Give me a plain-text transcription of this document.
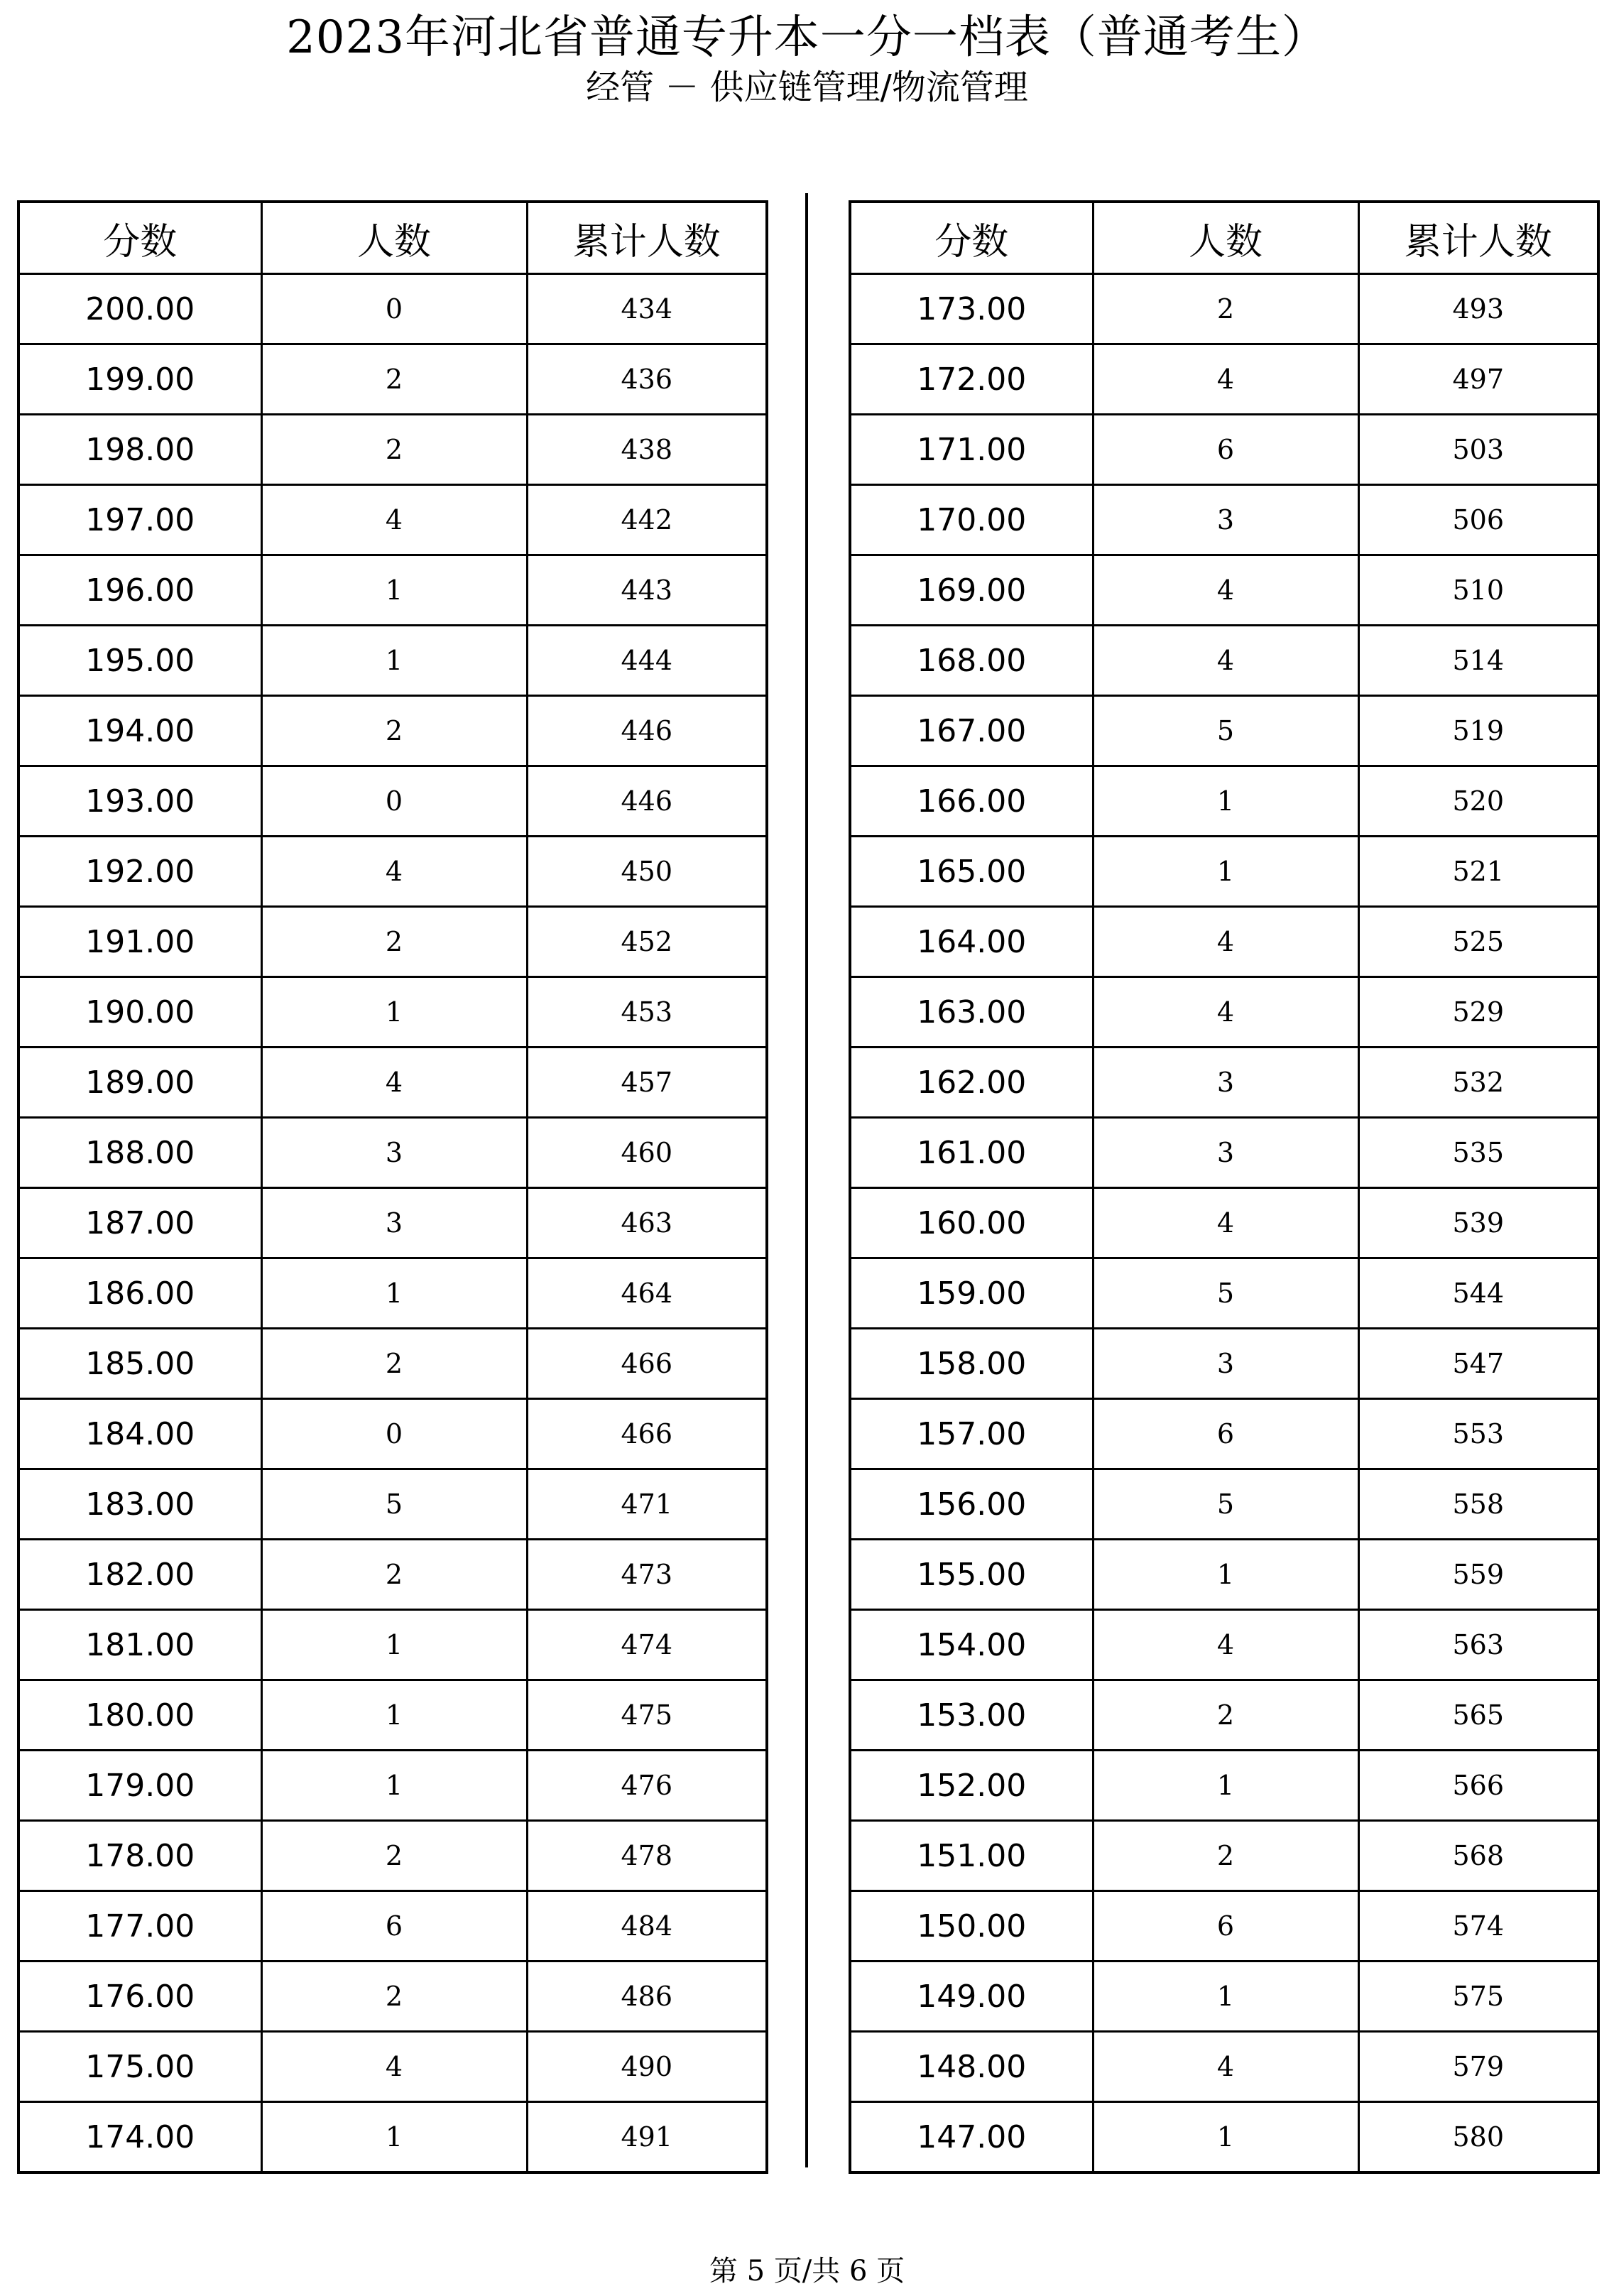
2023年河北省普通专升本一分一档表（普通考生）
经管 － 供应链管理/物流管理
分数	人数	累计人数
200.00	0	434
199.00	2	436
198.00	2	438
197.00	4	442
196.00	1	443
195.00	1	444
194.00	2	446
193.00	0	446
192.00	4	450
191.00	2	452
190.00	1	453
189.00	4	457
188.00	3	460
187.00	3	463
186.00	1	464
185.00	2	466
184.00	0	466
183.00	5	471
182.00	2	473
181.00	1	474
180.00	1	475
179.00	1	476
178.00	2	478
177.00	6	484
176.00	2	486
175.00	4	490
174.00	1	491
分数	人数	累计人数
173.00	2	493
172.00	4	497
171.00	6	503
170.00	3	506
169.00	4	510
168.00	4	514
167.00	5	519
166.00	1	520
165.00	1	521
164.00	4	525
163.00	4	529
162.00	3	532
161.00	3	535
160.00	4	539
159.00	5	544
158.00	3	547
157.00	6	553
156.00	5	558
155.00	1	559
154.00	4	563
153.00	2	565
152.00	1	566
151.00	2	568
150.00	6	574
149.00	1	575
148.00	4	579
147.00	1	580
第 5 页/共 6 页
